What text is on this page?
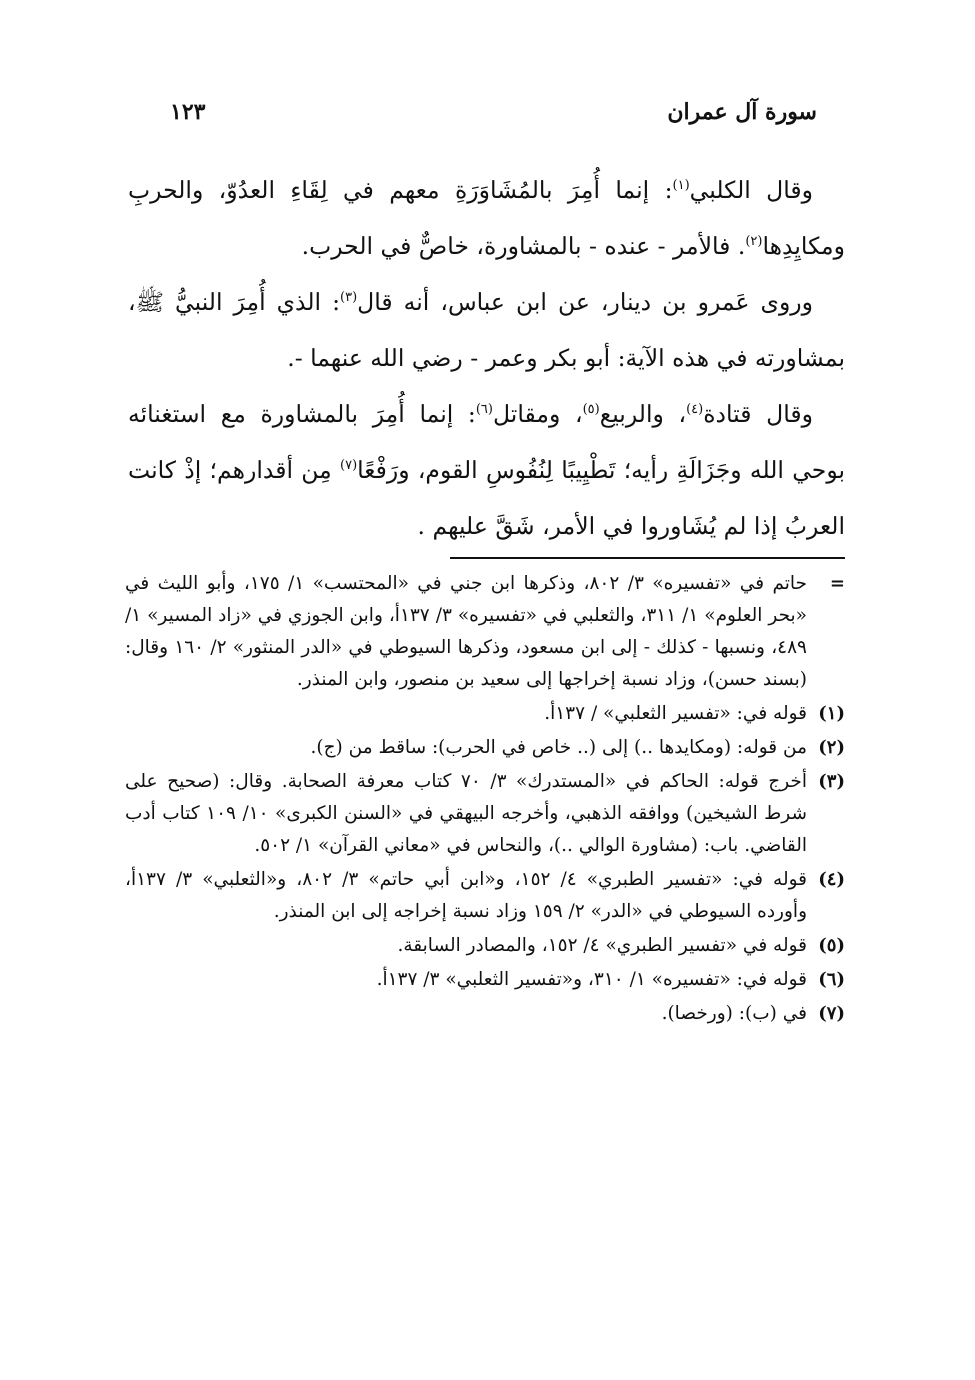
سورة آل عمران
١٢٣

وقال الكلبي$^{(١)}$: إنما أُمِرَ بالمُشَاوَرَةِ معهم في لِقَاءِ العدُوّ، والحربِ ومكايِدِها$^{(٢)}$. فالأمر - عنده - بالمشاورة، خاصٌّ في الحرب.

وروى عَمرو بن دينار، عن ابن عباس، أنه قال$^{(٣)}$: الذي أُمِرَ النبيُّ ﷺ، بمشاورته في هذه الآية: أبو بكر وعمر - رضي الله عنهما -.

وقال قتادة$^{(٤)}$، والربيع$^{(٥)}$، ومقاتل$^{(٦)}$: إنما أُمِرَ بالمشاورة مع استغنائه بوحي الله وجَزَالَةِ رأيه؛ تَطْيِيبًا لِنُفُوسِ القوم، ورَفْعًا$^{(٧)}$ مِن أقدارهم؛ إذْ كانت العربُ إذا لم يُشَاوروا في الأمر، شَقَّ عليهم .

=
حاتم في «تفسيره» ٣/ ٨٠٢، وذكرها ابن جني في «المحتسب» ١/ ١٧٥، وأبو الليث في «بحر العلوم» ١/ ٣١١، والثعلبي في «تفسيره» ٣/ ١٣٧أ، وابن الجوزي في «زاد المسير» ١/ ٤٨٩، ونسبها - كذلك - إلى ابن مسعود، وذكرها السيوطي في «الدر المنثور» ٢/ ١٦٠ وقال: (بسند حسن)، وزاد نسبة إخراجها إلى سعيد بن منصور، وابن المنذر.
(١)
قوله في: «تفسير الثعلبي» / ١٣٧أ.
(٢)
من قوله: (ومكايدها ..) إلى (.. خاص في الحرب): ساقط من (ج).
(٣)
أخرج قوله: الحاكم في «المستدرك» ٣/ ٧٠ كتاب معرفة الصحابة. وقال: (صحيح على شرط الشيخين) ووافقه الذهبي، وأخرجه البيهقي في «السنن الكبرى» ١٠/ ١٠٩ كتاب أدب القاضي. باب: (مشاورة الوالي ..)، والنحاس في «معاني القرآن» ١/ ٥٠٢.
(٤)
قوله في: «تفسير الطبري» ٤/ ١٥٢، و«ابن أبي حاتم» ٣/ ٨٠٢، و«الثعلبي» ٣/ ١٣٧أ، وأورده السيوطي في «الدر» ٢/ ١٥٩ وزاد نسبة إخراجه إلى ابن المنذر.
(٥)
قوله في «تفسير الطبري» ٤/ ١٥٢، والمصادر السابقة.
(٦)
قوله في: «تفسيره» ١/ ٣١٠، و«تفسير الثعلبي» ٣/ ١٣٧أ.
(٧)
في (ب): (ورخصا).
